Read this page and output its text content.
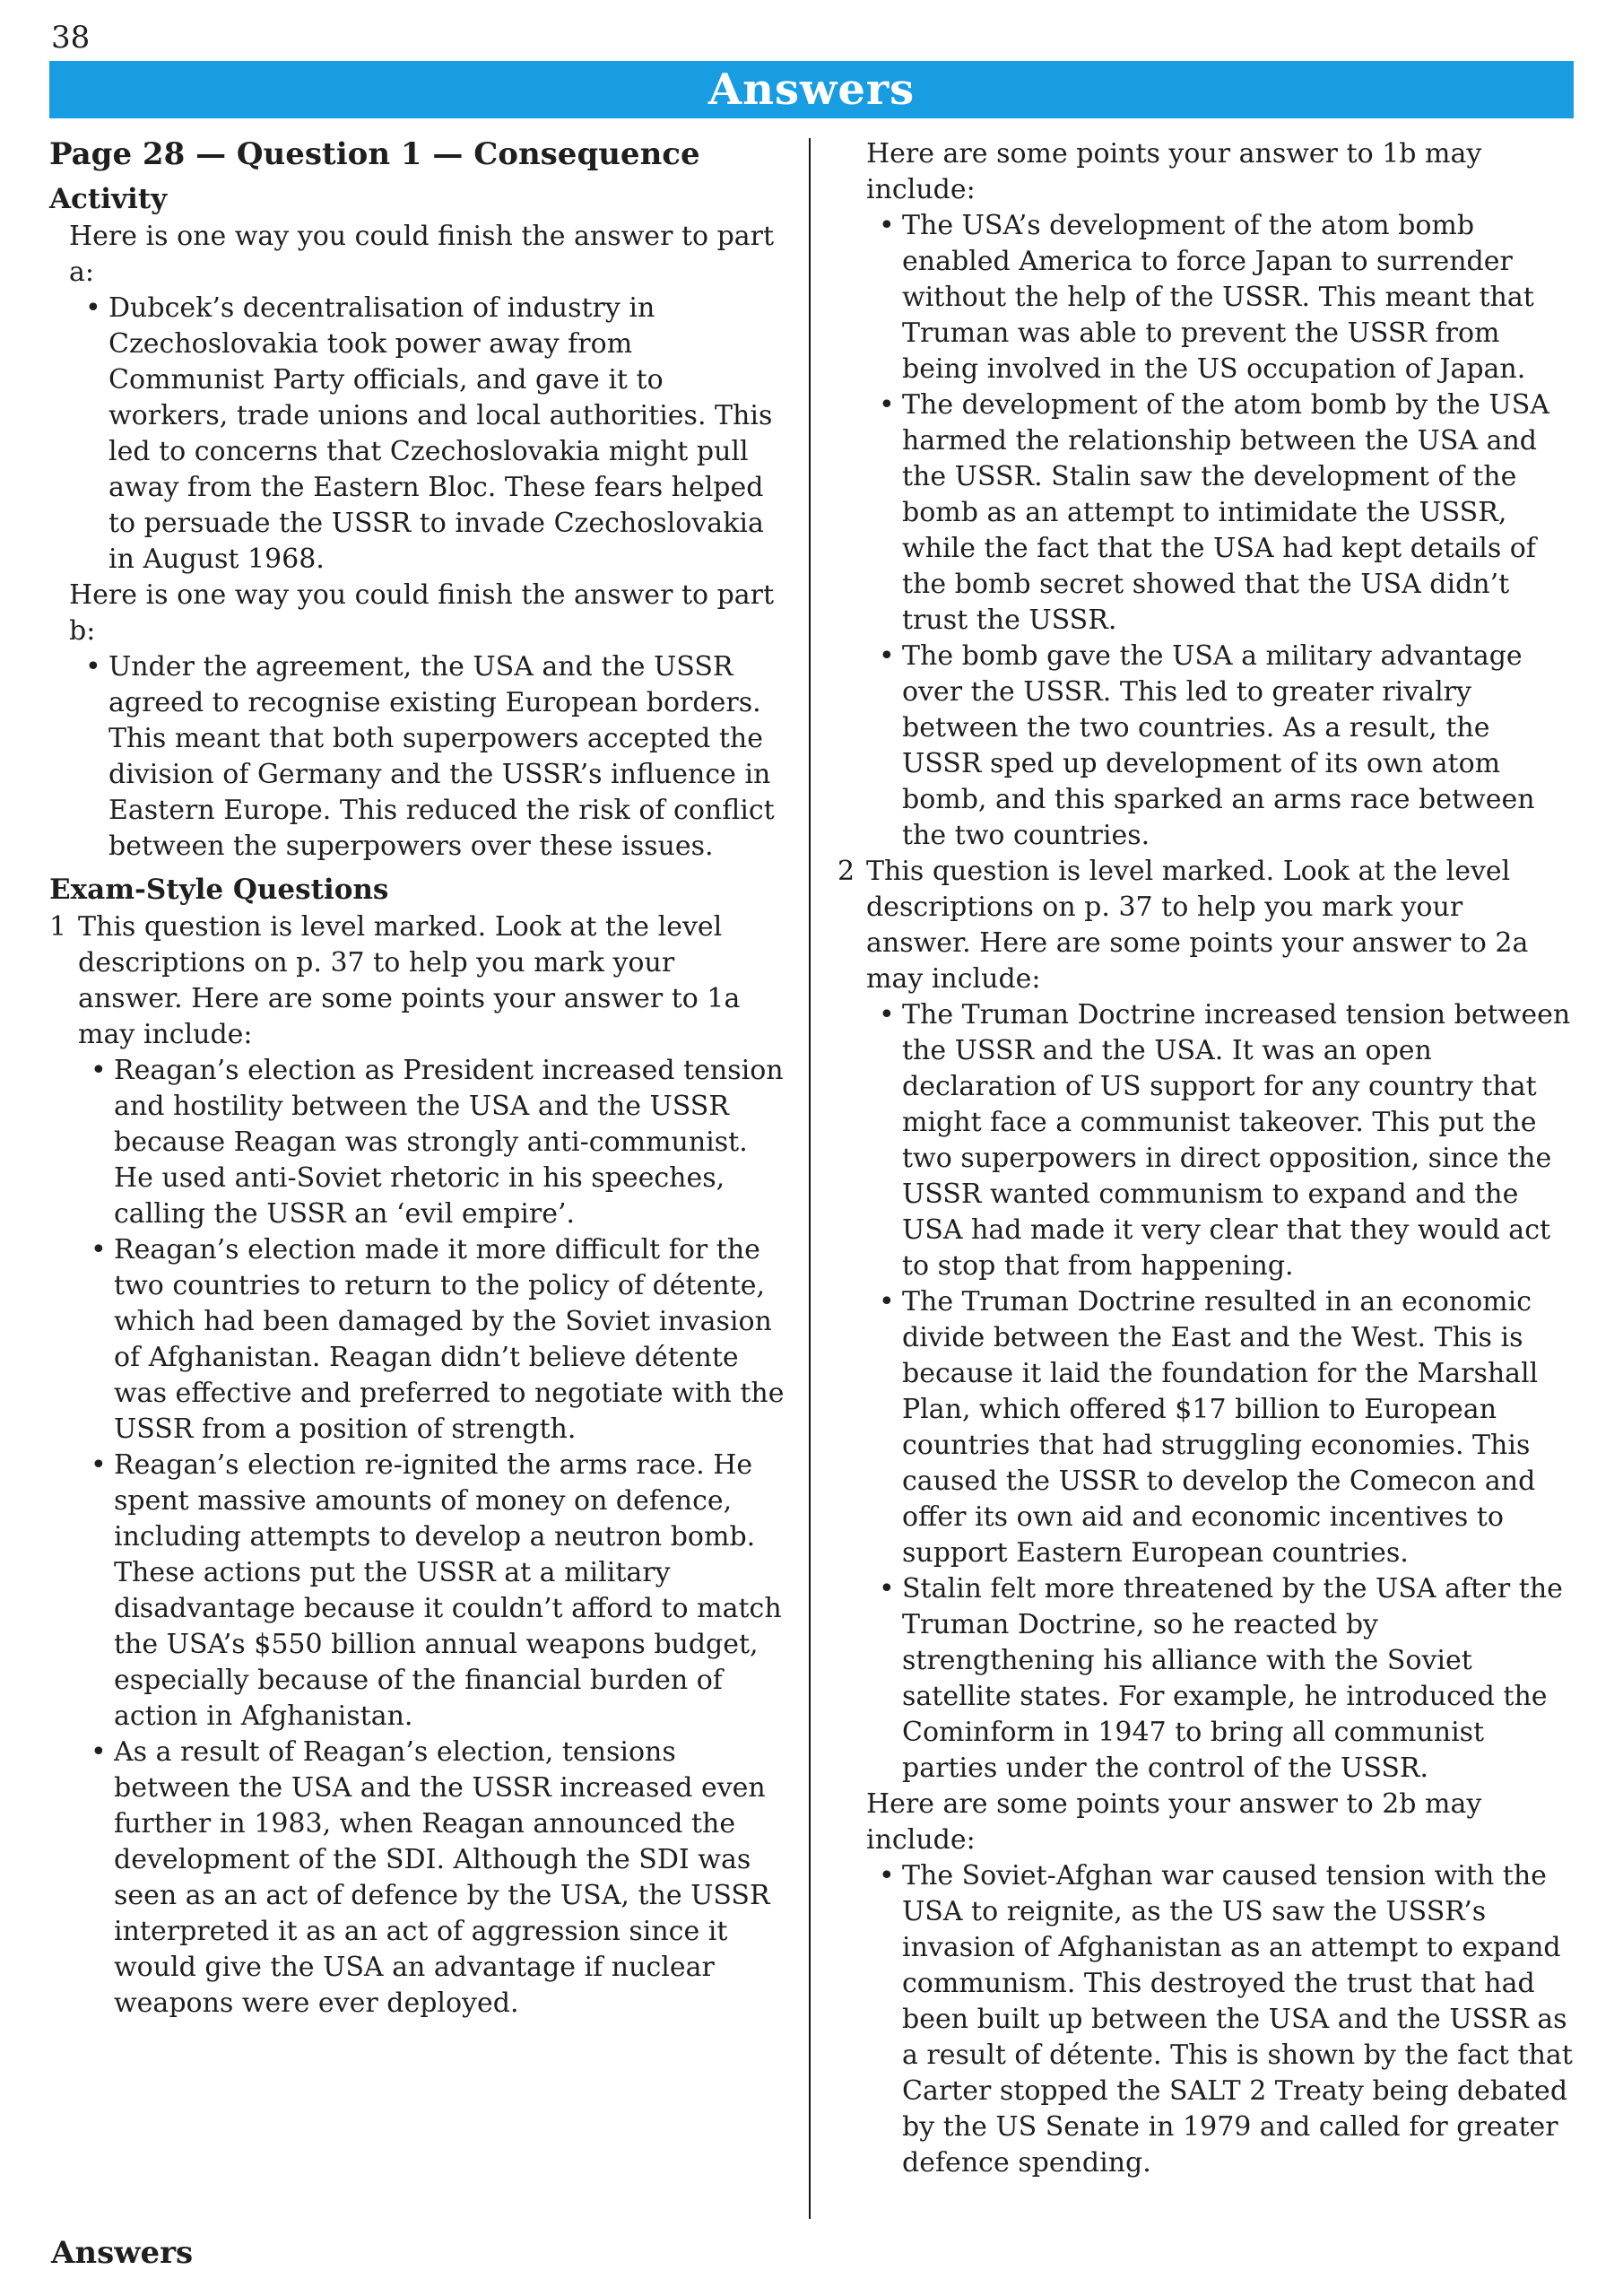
38
Answers
Page 28 — Question 1 — Consequence
Activity

Here is one way you could finish the answer to part a:

• Dubcek’s decentralisation of industry in Czechoslovakia took power away from Communist Party officials, and gave it to workers, trade unions and local authorities. This led to concerns that Czechoslovakia might pull away from the Eastern Bloc. These fears helped to persuade the USSR to invade Czechoslovakia in August 1968.

Here is one way you could finish the answer to part b:

• Under the agreement, the USA and the USSR agreed to recognise existing European borders. This meant that both superpowers accepted the division of Germany and the USSR’s influence in Eastern Europe. This reduced the risk of conflict between the superpowers over these issues.
Exam-Style Questions
1 This question is level marked. Look at the level descriptions on p. 37 to help you mark your answer. Here are some points your answer to 1a may include:

• Reagan’s election as President increased tension and hostility between the USA and the USSR because Reagan was strongly anti-communist. He used anti-Soviet rhetoric in his speeches, calling the USSR an ‘evil empire’.
• Reagan’s election made it more difficult for the two countries to return to the policy of détente, which had been damaged by the Soviet invasion of Afghanistan. Reagan didn’t believe détente was effective and preferred to negotiate with the USSR from a position of strength.
• Reagan’s election re-ignited the arms race. He spent massive amounts of money on defence, including attempts to develop a neutron bomb. These actions put the USSR at a military disadvantage because it couldn’t afford to match the USA’s $550 billion annual weapons budget, especially because of the financial burden of action in Afghanistan.
• As a result of Reagan’s election, tensions between the USA and the USSR increased even further in 1983, when Reagan announced the development of the SDI. Although the SDI was seen as an act of defence by the USA, the USSR interpreted it as an act of aggression since it would give the USA an advantage if nuclear weapons were ever deployed.

Here are some points your answer to 1b may include:

• The USA’s development of the atom bomb enabled America to force Japan to surrender without the help of the USSR. This meant that Truman was able to prevent the USSR from being involved in the US occupation of Japan.
• The development of the atom bomb by the USA harmed the relationship between the USA and the USSR. Stalin saw the development of the bomb as an attempt to intimidate the USSR, while the fact that the USA had kept details of the bomb secret showed that the USA didn’t trust the USSR.
• The bomb gave the USA a military advantage over the USSR. This led to greater rivalry between the two countries. As a result, the USSR sped up development of its own atom bomb, and this sparked an arms race between the two countries.
2 This question is level marked. Look at the level descriptions on p. 37 to help you mark your answer. Here are some points your answer to 2a may include:

• The Truman Doctrine increased tension between the USSR and the USA. It was an open declaration of US support for any country that might face a communist takeover. This put the two superpowers in direct opposition, since the USSR wanted communism to expand and the USA had made it very clear that they would act to stop that from happening.
• The Truman Doctrine resulted in an economic divide between the East and the West. This is because it laid the foundation for the Marshall Plan, which offered $17 billion to European countries that had struggling economies. This caused the USSR to develop the Comecon and offer its own aid and economic incentives to support Eastern European countries.
• Stalin felt more threatened by the USA after the Truman Doctrine, so he reacted by strengthening his alliance with the Soviet satellite states. For example, he introduced the Cominform in 1947 to bring all communist parties under the control of the USSR.

Here are some points your answer to 2b may include:

• The Soviet-Afghan war caused tension with the USA to reignite, as the US saw the USSR’s invasion of Afghanistan as an attempt to expand communism. This destroyed the trust that had been built up between the USA and the USSR as a result of détente. This is shown by the fact that Carter stopped the SALT 2 Treaty being debated by the US Senate in 1979 and called for greater defence spending.
Answers
